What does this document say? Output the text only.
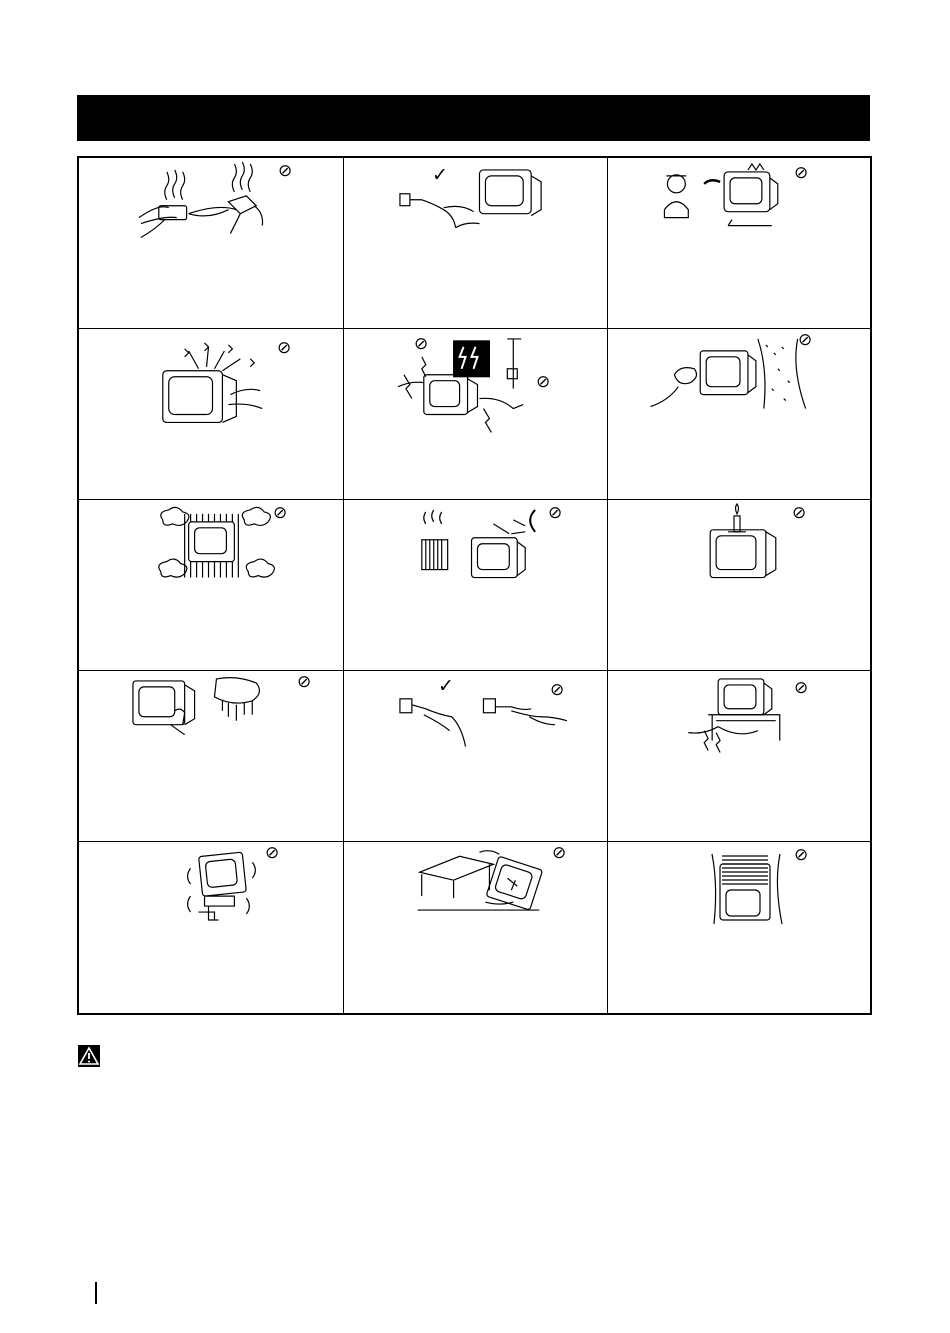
⊘	✓	⊘
⊘	⊘
⊘
⊘
⊘	⊘	⊘
⊘	✓	⊘	⊘
⊘	⊘	⊘
